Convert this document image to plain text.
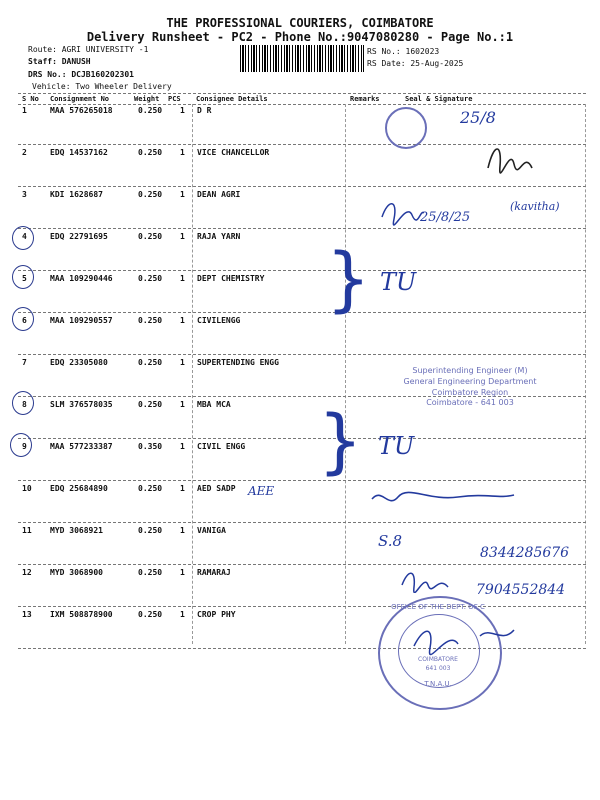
THE PROFESSIONAL COURIERS, COIMBATORE
Delivery Runsheet - PC2 - Phone No.:9047080280 - Page No.:1
Route: AGRI UNIVERSITY -1
Staff: DANUSH
DRS No.: DCJB160202301
Vehicle: Two Wheeler Delivery
RS No.: 1602023
RS Date: 25-Aug-2025
S No Consignment No	Weight PCS Consignee Details	Remarks	Seal & Signature
1	MAA 576265018	0.250 1 D R
2	EDQ 14537162	0.250 1 VICE CHANCELLOR
3	KDI 1628687	0.250 1 DEAN AGRI
4	EDQ 22791695	0.250 1 RAJA YARN
5	MAA 109290446	0.250 1 DEPT CHEMISTRY
6	MAA 109290557	0.250 1 CIVILENGG
7	EDQ 23305080	0.250 1 SUPERTENDING ENGG
8	SLM 376578035	0.250 1 MBA MCA
9	MAA 577233387	0.350 1 CIVIL ENGG
10 EDQ 25684890	0.250 1 AED SADP
11 MYD 3068921	0.250 1 VANIGA
12 MYD 3068900	0.250 1 RAMARAJ
13 IXM 508878900	0.250 1 CROP PHY
25/8
25/8/25
(kavitha)
} TU
Superintending Engineer (M)
General Engineering Department
Coimbatore Region
Coimbatore - 641 003
} TU
AEE
S.8
8344285676
7904552844
OFFICE OF THE DEPT. OF C
COIMBATORE
641 003
T.N.A.U.
